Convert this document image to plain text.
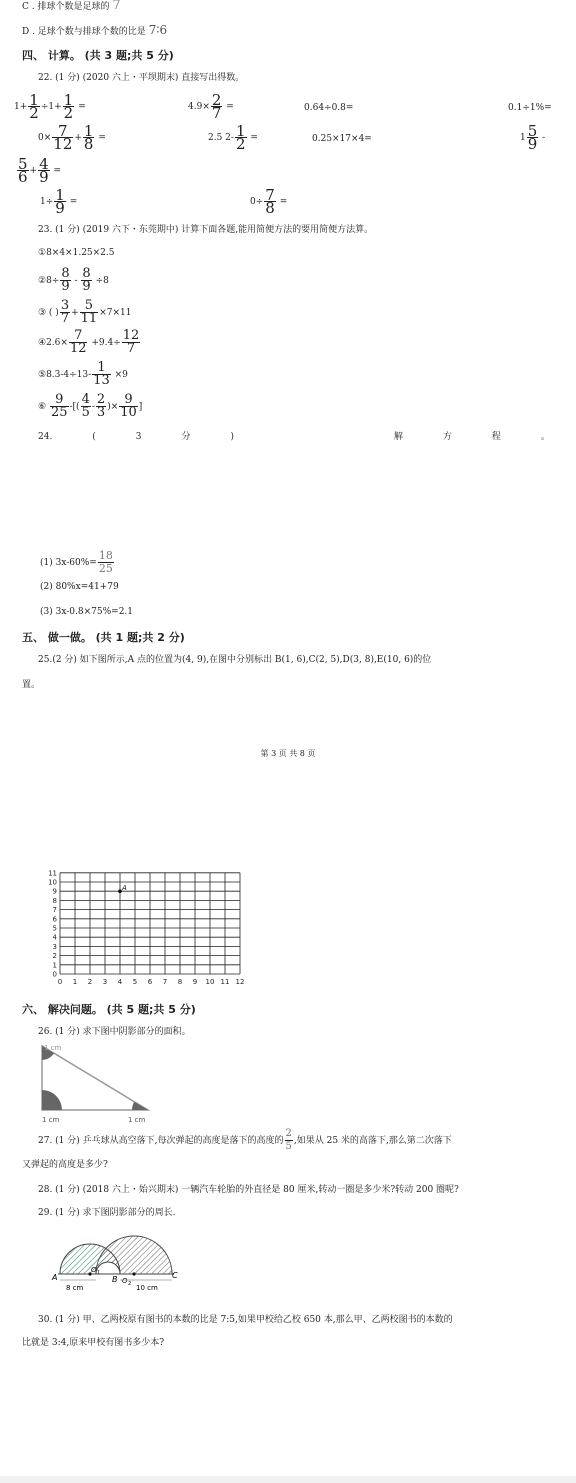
C . 排球个数是足球的 7
D . 足球个数与排球个数的比是 7∶6
四、 计算。 (共 3 题;共 5 分)
22. (1 分) (2020 六上・平坝期末) 直接写出得数。
$1+ \frac{1}{2} \div 1+ \frac{1}{2}$ =	$4.9\times \frac{2}{7}$ =	0.64÷0.8=	0.1÷1%=
$0\times \frac{7}{12} + \frac{1}{8}$ =	2.5 $2- \frac{1}{2}$ =	0.25×17×4=	$1 \frac{5}{9}$ -
$\frac{5}{6} + \frac{4}{9}$ =
$1\div \frac{1}{9}$ =	$0\div \frac{7}{8}$ =
23. (1 分) (2019 六下・东莞期中) 计算下面各题,能用简便方法的要用简便方法算。
①8×4×1.25×2.5
②8÷ $\frac{8}{9} - \frac{8}{9} \div 8$
③ ( ) $\frac{3}{7} + \frac{5}{11} \times 7\times 11$
④2.6× $\frac{7}{12} +9.4\div \frac{12}{7}$
⑤8.3-4÷13- $\frac{1}{13} \times 9$
⑥ $\frac{9}{25}$ -[( $\frac{4}{5} - \frac{2}{3}$ )× $\frac{9}{10}$ ]
24.	(	3	分	)	解	方	程	。
(1) $3x-60\%= \frac{18}{25}$
(2) 80%x=41+79
(3) 3x-0.8×75%=2.1
五、 做一做。 (共 1 题;共 2 分)
25.(2 分) 如下图所示,A 点的位置为(4, 9),在图中分别标出 B(1, 6),C(2, 5),D(3, 8),E(10, 6)的位
置。
第 3 页 共 8 页
0 1 2 3 4 5 6 7 8 9 10 11 12
0
1
2
3
4
5
6
7
8
9
10
11
A
六、 解决问题。 (共 5 题;共 5 分)
26. (1 分) 求下图中阴影部分的面积。
1 cm
1 cm	1 cm
27. (1 分) 乒乓球从高空落下,每次弹起的高度是落下的高度的 $\frac{2}{5}$ ,如果从 25 米的高落下,那么第二次落下
又弹起的高度是多少?
28. (1 分) (2018 六上・始兴期末) 一辆汽车轮胎的外直径是 80 厘米,转动一圈是多少米?转动 200 圈呢?
29. (1 分) 求下图阴影部分的周长.
A
O 1
B O 2
C
8 cm	10 cm
30. (1 分) 甲、乙两校原有图书的本数的比是 7:5,如果甲校给乙校 650 本,那么甲、乙两校图书的本数的
比就是 3:4,原来甲校有图书多少本?
